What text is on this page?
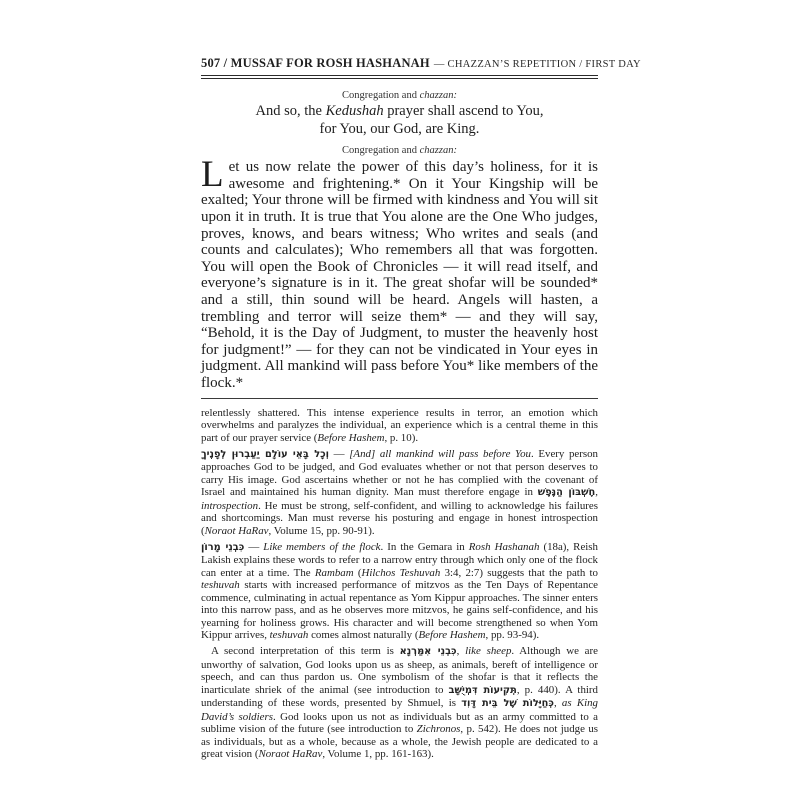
507 / MUSSAF FOR ROSH HASHANAH — CHAZZAN’S REPETITION / FIRST DAY
Congregation and chazzan:
And so, the Kedushah prayer shall ascend to You,
for You, our God, are King.
Congregation and chazzan:

Let us now relate the power of this day’s holiness, for it is awesome and frightening.* On it Your Kingship will be exalted; Your throne will be firmed with kindness and You will sit upon it in truth. It is true that You alone are the One Who judges, proves, knows, and bears witness; Who writes and seals (and counts and calculates); Who remembers all that was forgotten. You will open the Book of Chronicles — it will read itself, and everyone’s signature is in it. The great shofar will be sounded* and a still, thin sound will be heard. Angels will hasten, a trembling and terror will seize them* — and they will say, “Behold, it is the Day of Judgment, to muster the heavenly host for judgment!” — for they can not be vindicated in Your eyes in judgment. All mankind will pass before You* like members of the flock.*

relentlessly shattered. This intense experience results in terror, an emotion which overwhelms and paralyzes the individual, an experience which is a central theme in this part of our prayer service (Before Hashem, p. 10).

וְכָל בָּאֵי עוֹלָם יַעַבְרוּן לְפָנֶיךָ — [And] all mankind will pass before You. Every person approaches God to be judged, and God evaluates whether or not that person deserves to carry His image. God ascertains whether or not he has complied with the covenant of Israel and maintained his human dignity. Man must therefore engage in חֶשְׁבּוֹן הַנֶּפֶשׁ, introspection. He must be strong, self-confident, and willing to acknowledge his failures and shortcomings. Man must reverse his posturing and engage in honest introspection (Noraot HaRav, Volume 15, pp. 90-91).

כִּבְנֵי מָרוֹן — Like members of the flock. In the Gemara in Rosh Hashanah (18a), Reish Lakish explains these words to refer to a narrow entry through which only one of the flock can enter at a time. The Rambam (Hilchos Teshuvah 3:4, 2:7) suggests that the path to teshuvah starts with increased performance of mitzvos as the Ten Days of Repentance commence, culminating in actual repentance as Yom Kippur approaches. The sinner enters into this narrow pass, and as he observes more mitzvos, he gains self-confidence, and his yearning for holiness grows. His character and will become strengthened so when Yom Kippur arrives, teshuvah comes almost naturally (Before Hashem, pp. 93-94).

A second interpretation of this term is כִּבְנֵי אִמַּרְנָא, like sheep. Although we are unworthy of salvation, God looks upon us as sheep, as animals, bereft of intelligence or speech, and can thus pardon us. One symbolism of the shofar is that it reflects the inarticulate shriek of the animal (see introduction to תְּקִיעוֹת דִּמְיֻשָּׁב, p. 440). A third understanding of these words, presented by Shmuel, is כְּחַיָּלוֹת שֶׁל בֵּית דָּוִד, as King David’s soldiers. God looks upon us not as individuals but as an army committed to a sublime vision of the future (see introduction to Zichronos, p. 542). He does not judge us as individuals, but as a whole, because as a whole, the Jewish people are dedicated to a great vision (Noraot HaRav, Volume 1, pp. 161-163).
